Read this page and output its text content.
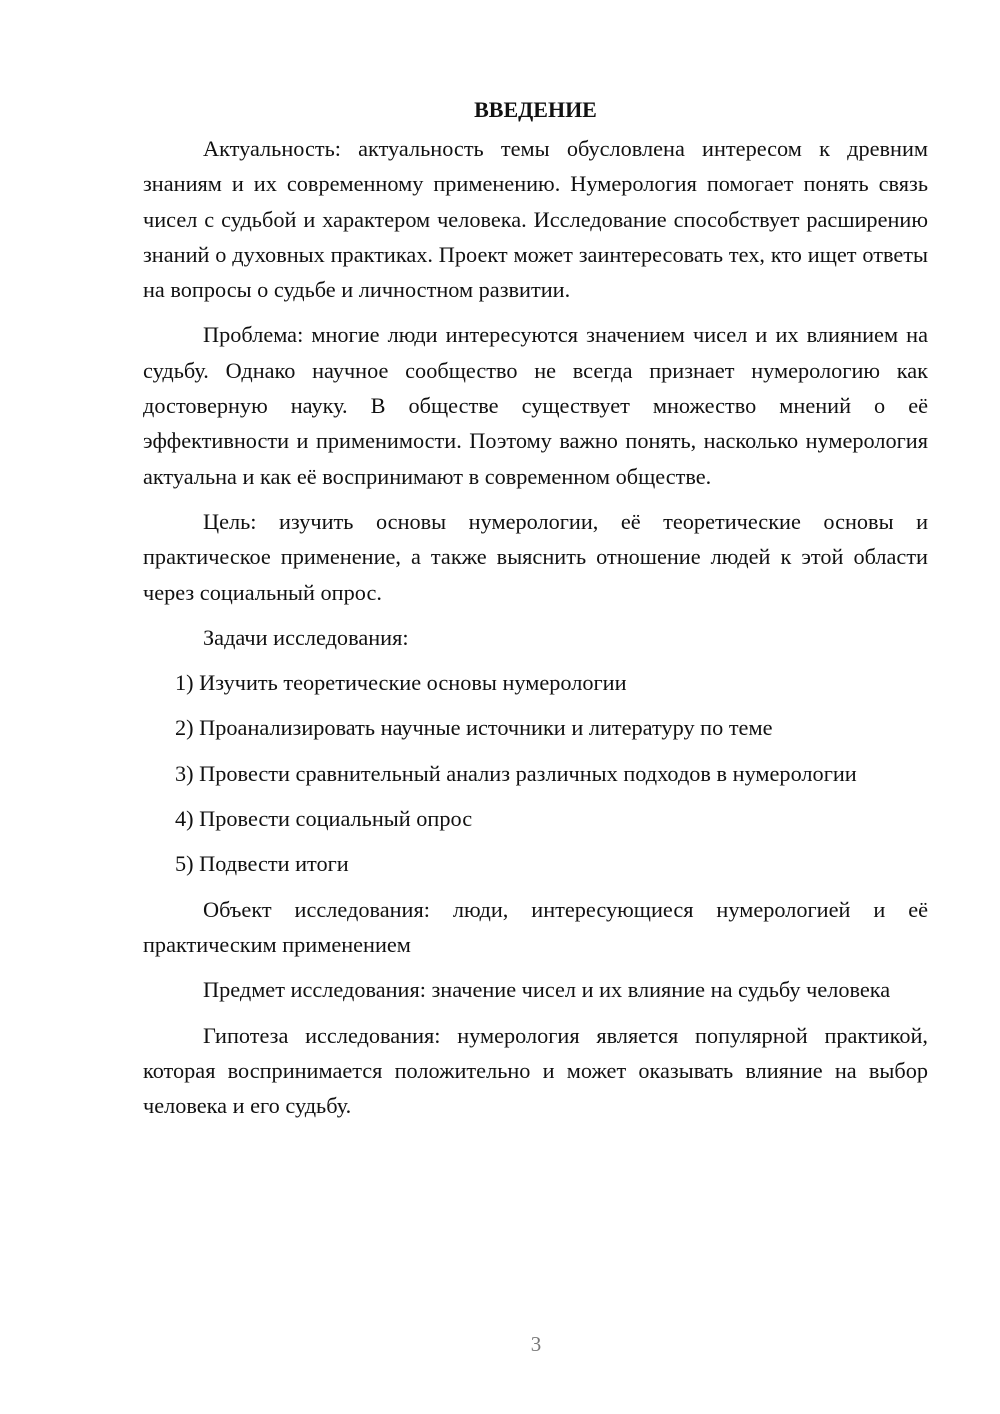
ВВЕДЕНИЕ

Актуальность: актуальность темы обусловлена интересом к древним знаниям и их современному применению. Нумерология помогает понять связь чисел с судьбой и характером человека. Исследование способствует расширению знаний о духовных практиках. Проект может заинтересовать тех, кто ищет ответы на вопросы о судьбе и личностном развитии.

Проблема: многие люди интересуются значением чисел и их влиянием на судьбу. Однако научное сообщество не всегда признает нумерологию как достоверную науку. В обществе существует множество мнений о её эффективности и применимости. Поэтому важно понять, насколько нумерология актуальна и как её воспринимают в современном обществе.

Цель: изучить основы нумерологии, её теоретические основы и практическое применение, а также выяснить отношение людей к этой области через социальный опрос.

Задачи исследования:

1) Изучить теоретические основы нумерологии

2) Проанализировать научные источники и литературу по теме

3) Провести сравнительный анализ различных подходов в нумерологии

4) Провести социальный опрос

5) Подвести итоги

Объект исследования: люди, интересующиеся нумерологией и её практическим применением

Предмет исследования: значение чисел и их влияние на судьбу человека

Гипотеза исследования: нумерология является популярной практикой, которая воспринимается положительно и может оказывать влияние на выбор человека и его судьбу.

3
